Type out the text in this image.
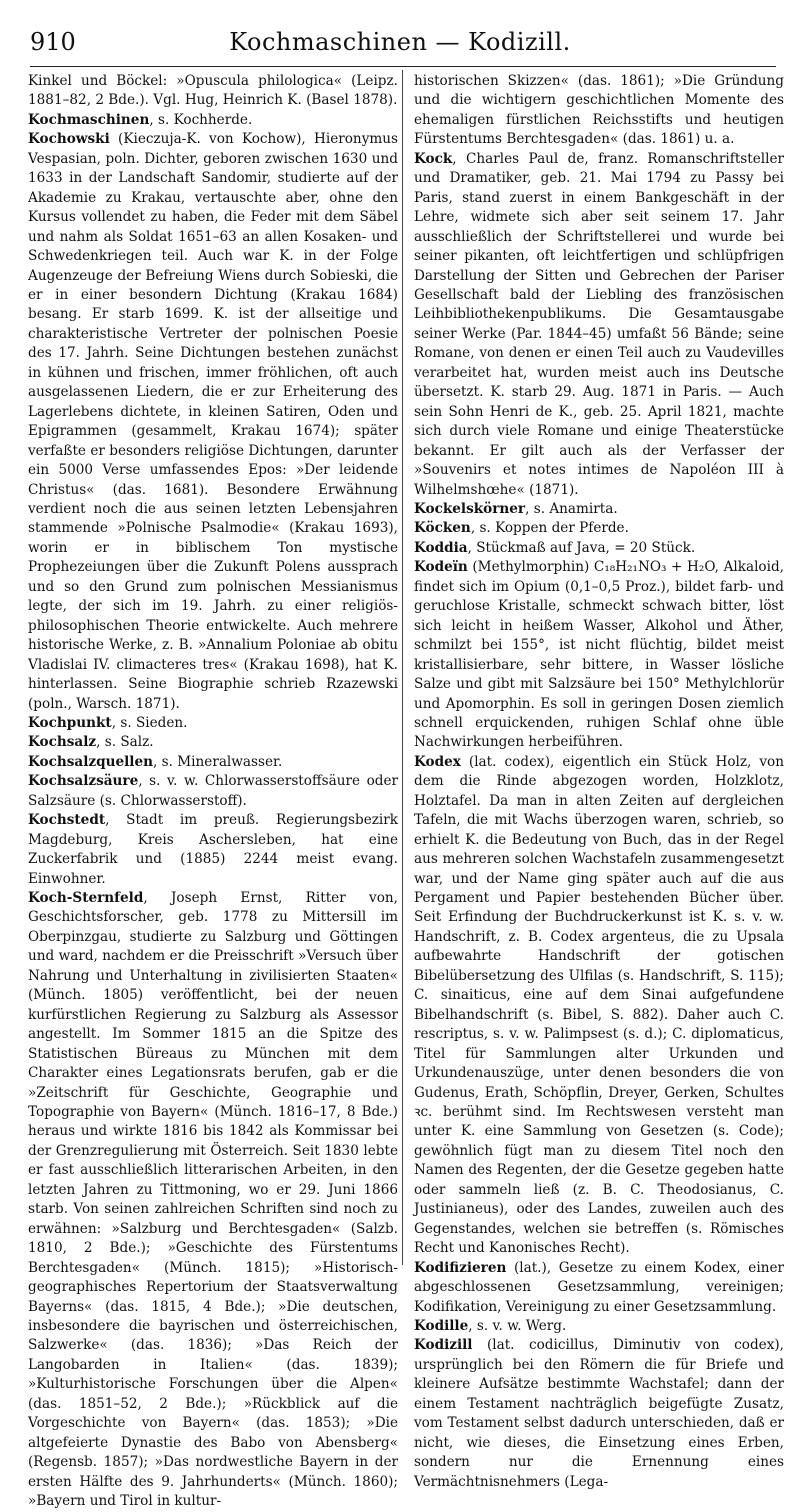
910	Kochmaschinen — Kodizill.

Kinkel und Böckel: »Opuscula philologica« (Leipz. 1881–82, 2 Bde.). Vgl. Hug, Heinrich K. (Basel 1878).

Kochmaschinen, s. Kochherde.

Kochowski (Kieczuja-K. von Kochow), Hieronymus Vespasian, poln. Dichter, geboren zwischen 1630 und 1633 in der Landschaft Sandomir, studierte auf der Akademie zu Krakau, vertauschte aber, ohne den Kursus vollendet zu haben, die Feder mit dem Säbel und nahm als Soldat 1651–63 an allen Kosaken- und Schwedenkriegen teil. Auch war K. in der Folge Augenzeuge der Befreiung Wiens durch Sobieski, die er in einer besondern Dichtung (Krakau 1684) besang. Er starb 1699. K. ist der allseitige und charakteristische Vertreter der polnischen Poesie des 17. Jahrh. Seine Dichtungen bestehen zunächst in kühnen und frischen, immer fröhlichen, oft auch ausgelassenen Liedern, die er zur Erheiterung des Lagerlebens dichtete, in kleinen Satiren, Oden und Epigrammen (gesammelt, Krakau 1674); später verfaßte er besonders religiöse Dichtungen, darunter ein 5000 Verse umfassendes Epos: »Der leidende Christus« (das. 1681). Besondere Erwähnung verdient noch die aus seinen letzten Lebensjahren stammende »Polnische Psalmodie« (Krakau 1693), worin er in biblischem Ton mystische Prophezeiungen über die Zukunft Polens aussprach und so den Grund zum polnischen Messianismus legte, der sich im 19. Jahrh. zu einer religiös-philosophischen Theorie entwickelte. Auch mehrere historische Werke, z. B. »Annalium Poloniae ab obitu Vladislai IV. climacteres tres« (Krakau 1698), hat K. hinterlassen. Seine Biographie schrieb Rzazewski (poln., Warsch. 1871).

Kochpunkt, s. Sieden.

Kochsalz, s. Salz.

Kochsalzquellen, s. Mineralwasser.

Kochsalzsäure, s. v. w. Chlorwasserstoffsäure oder Salzsäure (s. Chlorwasserstoff).

Kochstedt, Stadt im preuß. Regierungsbezirk Magdeburg, Kreis Aschersleben, hat eine Zuckerfabrik und (1885) 2244 meist evang. Einwohner.

Koch-Sternfeld, Joseph Ernst, Ritter von, Geschichtsforscher, geb. 1778 zu Mittersill im Oberpinzgau, studierte zu Salzburg und Göttingen und ward, nachdem er die Preisschrift »Versuch über Nahrung und Unterhaltung in zivilisierten Staaten« (Münch. 1805) veröffentlicht, bei der neuen kurfürstlichen Regierung zu Salzburg als Assessor angestellt. Im Sommer 1815 an die Spitze des Statistischen Büreaus zu München mit dem Charakter eines Legationsrats berufen, gab er die »Zeitschrift für Geschichte, Geographie und Topographie von Bayern« (Münch. 1816–17, 8 Bde.) heraus und wirkte 1816 bis 1842 als Kommissar bei der Grenzregulierung mit Österreich. Seit 1830 lebte er fast ausschließlich litterarischen Arbeiten, in den letzten Jahren zu Tittmoning, wo er 29. Juni 1866 starb. Von seinen zahlreichen Schriften sind noch zu erwähnen: »Salzburg und Berchtesgaden« (Salzb. 1810, 2 Bde.); »Geschichte des Fürstentums Berchtesgaden« (Münch. 1815); »Historisch-geographisches Repertorium der Staatsverwaltung Bayerns« (das. 1815, 4 Bde.); »Die deutschen, insbesondere die bayrischen und österreichischen, Salzwerke« (das. 1836); »Das Reich der Langobarden in Italien« (das. 1839); »Kulturhistorische Forschungen über die Alpen« (das. 1851–52, 2 Bde.); »Rückblick auf die Vorgeschichte von Bayern« (das. 1853); »Die altgefeierte Dynastie des Babo von Abensberg« (Regensb. 1857); »Das nordwestliche Bayern in der ersten Hälfte des 9. Jahrhunderts« (Münch. 1860); »Bayern und Tirol in kultur-

historischen Skizzen« (das. 1861); »Die Gründung und die wichtigern geschichtlichen Momente des ehemaligen fürstlichen Reichsstifts und heutigen Fürstentums Berchtesgaden« (das. 1861) u. a.

Kock, Charles Paul de, franz. Romanschriftsteller und Dramatiker, geb. 21. Mai 1794 zu Passy bei Paris, stand zuerst in einem Bankgeschäft in der Lehre, widmete sich aber seit seinem 17. Jahr ausschließlich der Schriftstellerei und wurde bei seiner pikanten, oft leichtfertigen und schlüpfrigen Darstellung der Sitten und Gebrechen der Pariser Gesellschaft bald der Liebling des französischen Leihbibliothekenpublikums. Die Gesamtausgabe seiner Werke (Par. 1844–45) umfaßt 56 Bände; seine Romane, von denen er einen Teil auch zu Vaudevilles verarbeitet hat, wurden meist auch ins Deutsche übersetzt. K. starb 29. Aug. 1871 in Paris. — Auch sein Sohn Henri de K., geb. 25. April 1821, machte sich durch viele Romane und einige Theaterstücke bekannt. Er gilt auch als der Verfasser der »Souvenirs et notes intimes de Napoléon III à Wilhelmshœhe« (1871).

Kockelskörner, s. Anamirta.

Köcken, s. Koppen der Pferde.

Koddia, Stückmaß auf Java, = 20 Stück.

Kodeïn (Methylmorphin) C₁₈H₂₁NO₃ + H₂O, Alkaloid, findet sich im Opium (0,1–0,5 Proz.), bildet farb- und geruchlose Kristalle, schmeckt schwach bitter, löst sich leicht in heißem Wasser, Alkohol und Äther, schmilzt bei 155°, ist nicht flüchtig, bildet meist kristallisierbare, sehr bittere, in Wasser lösliche Salze und gibt mit Salzsäure bei 150° Methylchlorür und Apomorphin. Es soll in geringen Dosen ziemlich schnell erquickenden, ruhigen Schlaf ohne üble Nachwirkungen herbeiführen.

Kodex (lat. codex), eigentlich ein Stück Holz, von dem die Rinde abgezogen worden, Holzklotz, Holztafel. Da man in alten Zeiten auf dergleichen Tafeln, die mit Wachs überzogen waren, schrieb, so erhielt K. die Bedeutung von Buch, das in der Regel aus mehreren solchen Wachstafeln zusammengesetzt war, und der Name ging später auch auf die aus Pergament und Papier bestehenden Bücher über. Seit Erfindung der Buchdruckerkunst ist K. s. v. w. Handschrift, z. B. Codex argenteus, die zu Upsala aufbewahrte Handschrift der gotischen Bibelübersetzung des Ulfilas (s. Handschrift, S. 115); C. sinaiticus, eine auf dem Sinai aufgefundene Bibelhandschrift (s. Bibel, S. 882). Daher auch C. rescriptus, s. v. w. Palimpsest (s. d.); C. diplomaticus, Titel für Sammlungen alter Urkunden und Urkundenauszüge, unter denen besonders die von Gudenus, Erath, Schöpflin, Dreyer, Gerken, Schultes ꝛc. berühmt sind. Im Rechtswesen versteht man unter K. eine Sammlung von Gesetzen (s. Code); gewöhnlich fügt man zu diesem Titel noch den Namen des Regenten, der die Gesetze gegeben hatte oder sammeln ließ (z. B. C. Theodosianus, C. Justinianeus), oder des Landes, zuweilen auch des Gegenstandes, welchen sie betreffen (s. Römisches Recht und Kanonisches Recht).

Kodifizieren (lat.), Gesetze zu einem Kodex, einer abgeschlossenen Gesetzsammlung, vereinigen; Kodifikation, Vereinigung zu einer Gesetzsammlung.

Kodille, s. v. w. Werg.

Kodizill (lat. codicillus, Diminutiv von codex), ursprünglich bei den Römern die für Briefe und kleinere Aufsätze bestimmte Wachstafel; dann der einem Testament nachträglich beigefügte Zusatz, vom Testament selbst dadurch unterschieden, daß er nicht, wie dieses, die Einsetzung eines Erben, sondern nur die Ernennung eines Vermächtnisnehmers (Lega-
